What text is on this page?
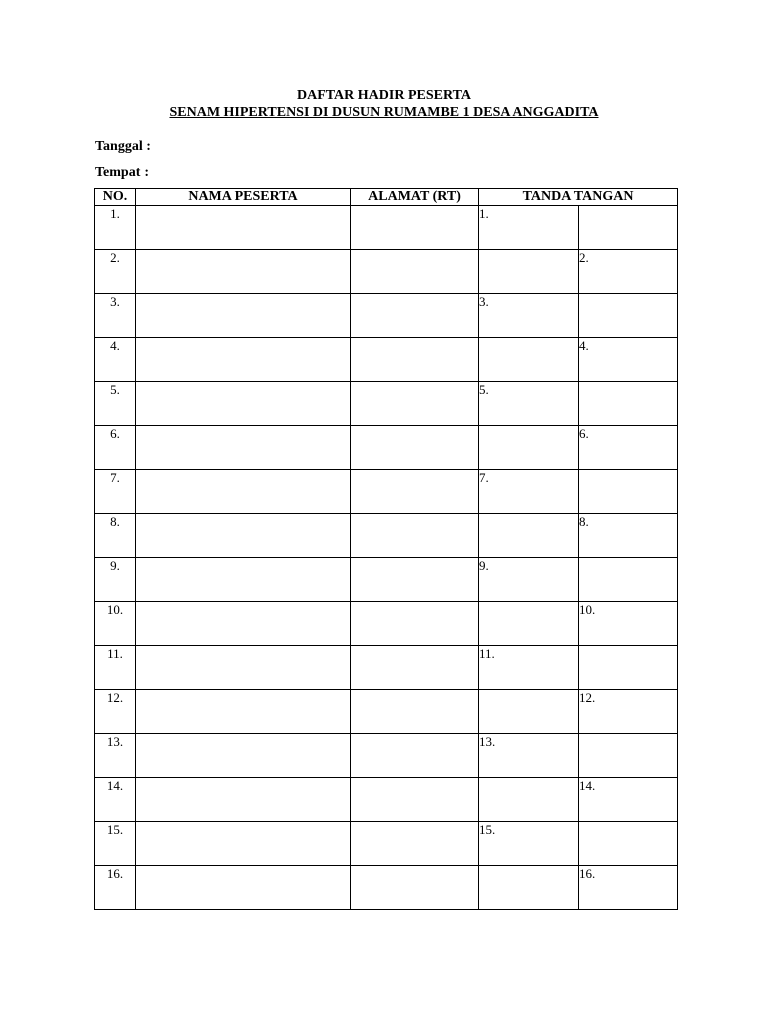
DAFTAR HADIR PESERTA
SENAM HIPERTENSI DI DUSUN RUMAMBE 1 DESA ANGGADITA
Tanggal :
Tempat :
NO.	NAMA PESERTA	ALAMAT (RT)	TANDA TANGAN	
1.			1.	
2.				2.
3.			3.	
4.				4.
5.			5.	
6.				6.
7.			7.	
8.				8.
9.			9.	
10.				10.
11.			11.	
12.				12.
13.			13.	
14.				14.
15.			15.	
16.				16.
